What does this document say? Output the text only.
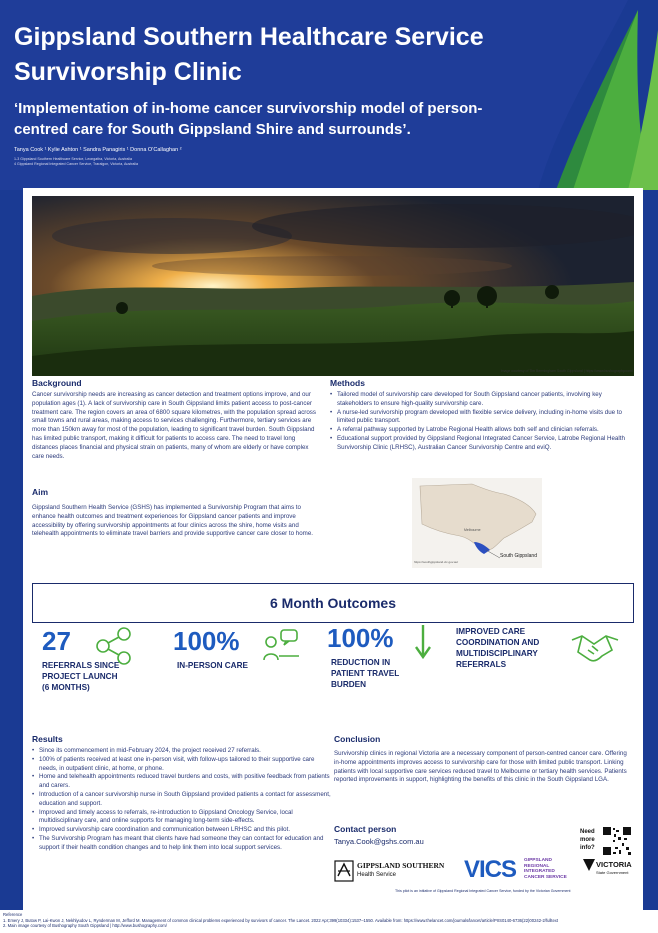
Gippsland Southern Healthcare Service Survivorship Clinic
‘Implementation of in-home cancer survivorship model of person-centred care for South Gippsland Shire and surrounds’.
Tanya Cook ¹ Kylie Ashton ¹ Sandra Panagiris ¹ Donna O’Callaghan ²
1-3 Gippsland Southern Healthcare Service, Leongatha, Victoria, Australia
4 Gippsland Regional Integrated Cancer Service, Traralgon, Victoria, Australia
Image courtesy of Tim Bermingham South Gippsland | https://www.bushography.com/
Background

Cancer survivorship needs are increasing as cancer detection and treatment options improve, and our population ages (1). A lack of survivorship care in South Gippsland limits patient access to post-cancer treatment care. The region covers an area of 6800 square kilometres, with the population spread across small towns and rural areas, making access to services challenging. Furthermore, tertiary services are more than 150km away for most of the population, leading to significant travel burden. South Gippsland has limited public transport, making it difficult for patients to access care. The need to travel long distances places financial and physical strain on patients, many of whom are elderly or have complex care needs.

Aim

Gippsland Southern Health Service (GSHS) has implemented a Survivorship Program that aims to enhance health outcomes and treatment experiences for Gippsland cancer patients and improve accessibility by offering survivorship appointments at four clinics across the shire, home visits and telehealth appointments to eliminate travel barriers and provide supportive cancer care closer to home.

Methods
• Tailored model of survivorship care developed for South Gippsland cancer patients, involving key stakeholders to ensure high-quality survivorship care.
• A nurse-led survivorship program developed with flexible service delivery, including in-home visits due to limited public transport.
• A referral pathway supported by Latrobe Regional Health allows both self and clinician referrals.
• Educational support provided by Gippsland Regional Integrated Cancer Service, Latrobe Regional Health Survivorship Clinic (LRHSC), Australian Cancer Survivorship Centre and eviQ.
Melbourne
South Gippsland
https://southgippsland.vic.gov.au/
6 Month Outcomes
27
REFERRALS SINCE PROJECT LAUNCH (6 MONTHS)
100%
IN-PERSON CARE
100%
REDUCTION IN PATIENT TRAVEL BURDEN
IMPROVED CARE COORDINATION AND MULTIDISCIPLINARY REFERRALS
Results
• Since its commencement in mid-February 2024, the project received 27 referrals.
• 100% of patients received at least one in-person visit, with follow-ups tailored to their supportive care needs, in outpatient clinic, at home, or phone.
• Home and telehealth appointments reduced travel burdens and costs, with positive feedback from patients and carers.
• Introduction of a cancer survivorship nurse in South Gippsland provided patients a contact for assessment, education and support.
• Improved and timely access to referrals, re-introduction to Gippsland Oncology Service, local multidisciplinary care, and online supports for managing long-term side-effects.
• Improved survivorship care coordination and communication between LRHSC and this pilot.
• The Survivorship Program has meant that clients have had someone they can contact for education and support if their health condition changes and to help link them into local support services.
Conclusion

Survivorship clinics in regional Victoria are a necessary component of person-centred cancer care. Offering in-home appointments improves access to survivorship care for those with limited public transport. Linking patients with local supportive care services reduced travel to Melbourne or tertiary health services. Patients reported improvements in support, highlighting the benefits of this clinic in the South Gippsland LGA.

Contact person
Tanya.Cook@gshs.com.au
Need more info?
GIPPSLAND SOUTHERN
Health Service	VICS GIPPSLAND
REGIONAL
INTEGRATED
CANCER SERVICE
VICTORIA
State Government
This pilot is an initiative of Gippsland Regional Integrated Cancer Service, funded by the Victorian Government
Reference
1. Emery J, Butow P, Lai-Kwon J, Nekhlyudov L, Rynderman M, Jefford M. Management of common clinical problems experienced by survivors of cancer. The Lancet. 2022 Apr;399(10334):1537–1550. Available from: https://www.thelancet.com/journals/lancet/article/PIIS0140-6736(22)00242-2/fulltext
2. Main image courtesy of Bushography South Gippsland | http://www.bushography.com/
